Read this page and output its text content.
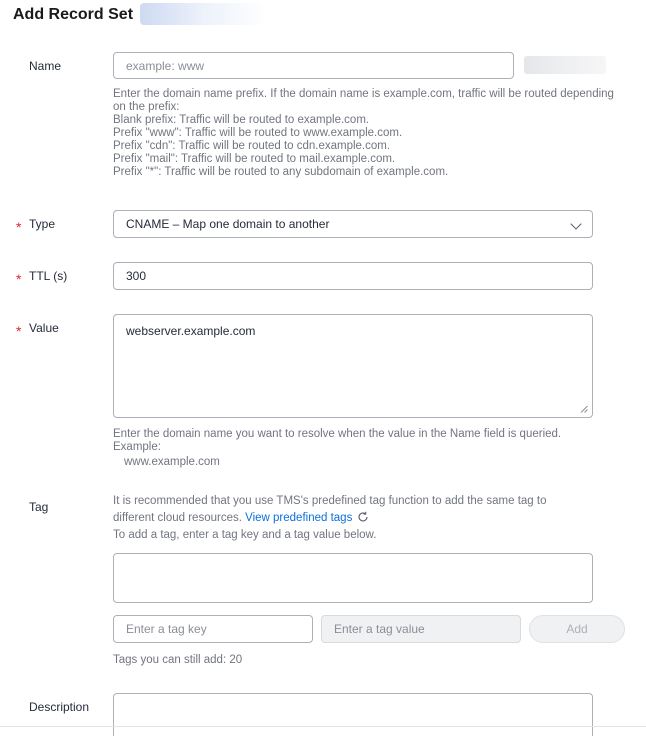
Add Record Set
Name	example: www
Enter the domain name prefix. If the domain name is example.com, traffic will be routed depending
on the prefix:
Blank prefix: Traffic will be routed to example.com.
Prefix "www": Traffic will be routed to www.example.com.
Prefix "cdn": Traffic will be routed to cdn.example.com.
Prefix "mail": Traffic will be routed to mail.example.com.
Prefix "*": Traffic will be routed to any subdomain of example.com.
* Type	CNAME – Map one domain to another
* TTL (s)	300
* Value	webserver.example.com
Enter the domain name you want to resolve when the value in the Name field is queried.
Example:
www.example.com
Tag	It is recommended that you use TMS's predefined tag function to add the same tag to
different cloud resources. View predefined tags
To add a tag, enter a tag key and a tag value below.
Enter a tag key	Enter a tag value	Add
Tags you can still add: 20
Description
